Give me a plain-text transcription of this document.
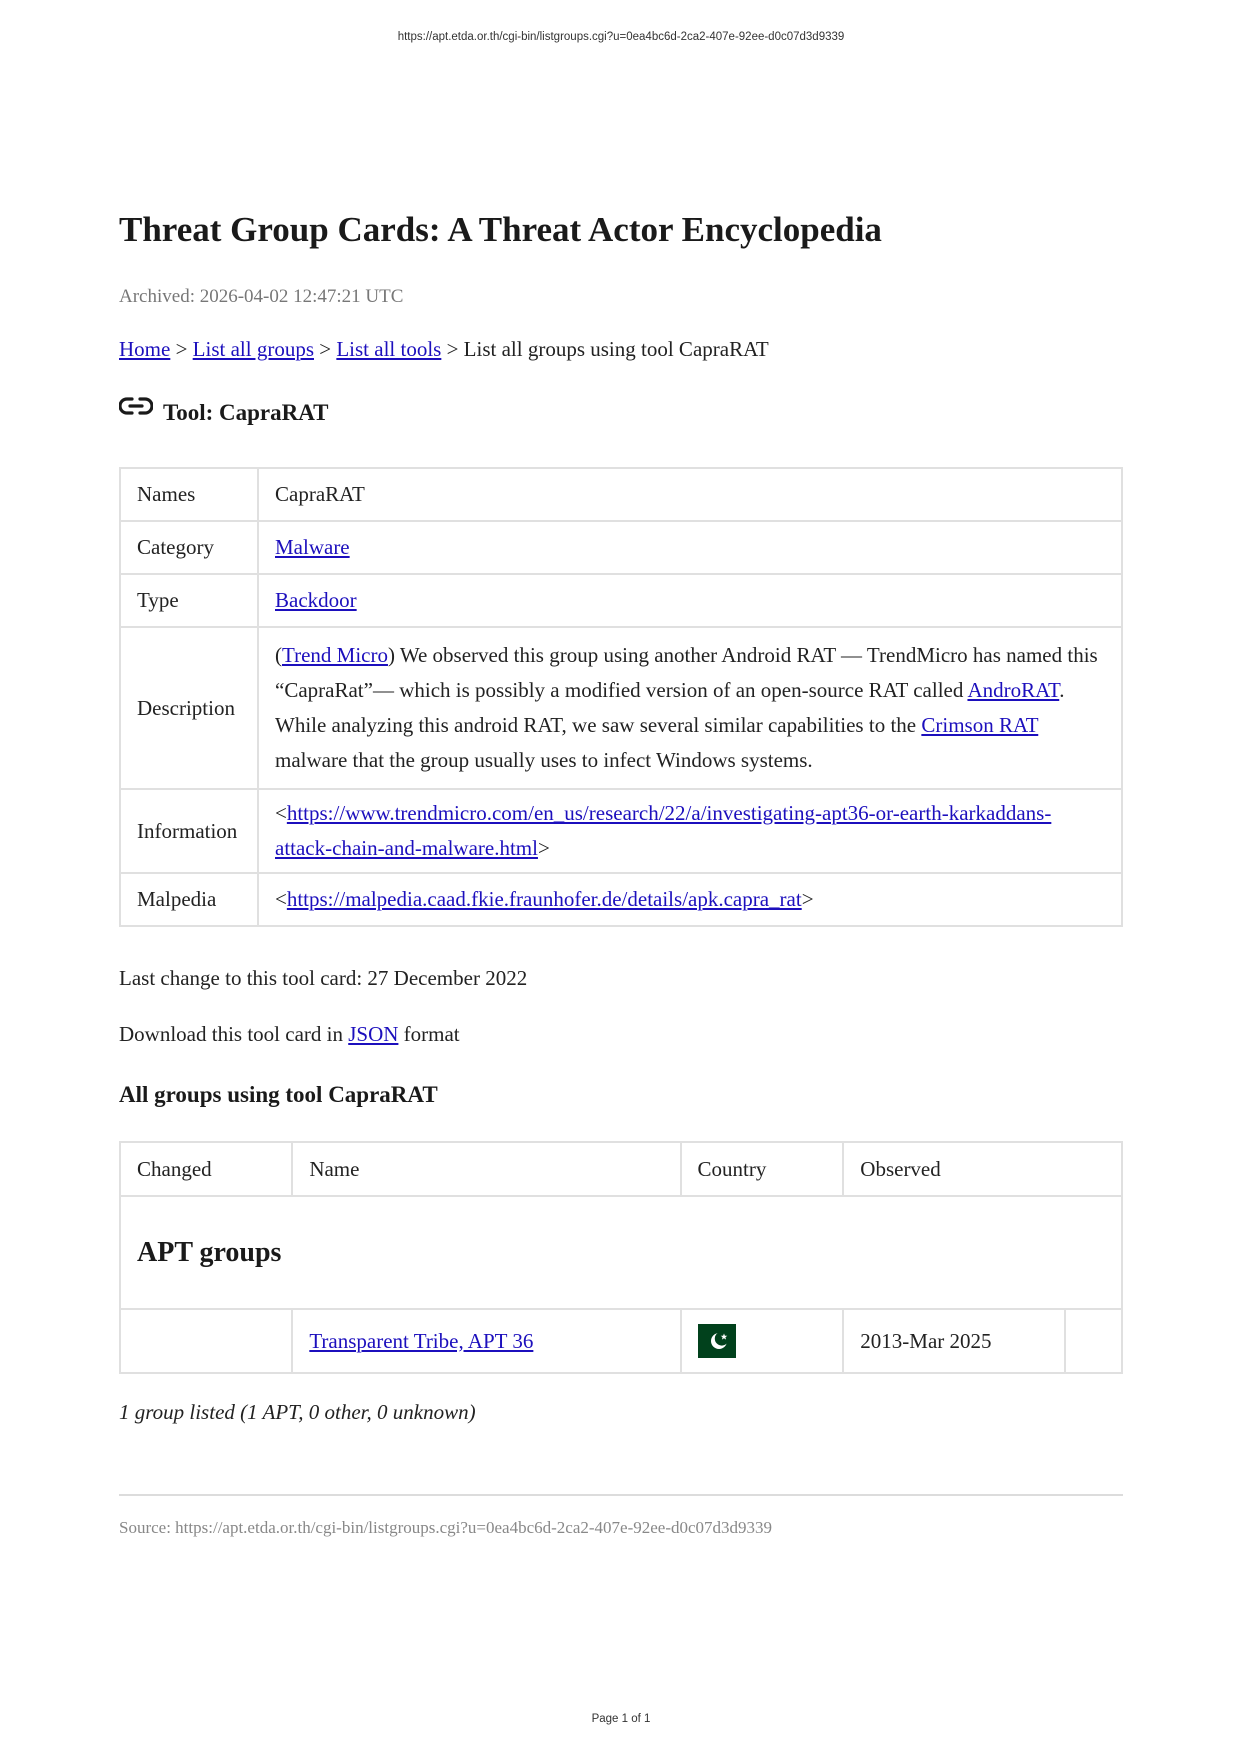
https://apt.etda.or.th/cgi-bin/listgroups.cgi?u=0ea4bc6d-2ca2-407e-92ee-d0c07d3d9339
Threat Group Cards: A Threat Actor Encyclopedia
Archived: 2026-04-02 12:47:21 UTC
Home > List all groups > List all tools > List all groups using tool CapraRAT
Tool: CapraRAT
Names	CapraRAT
Category	Malware
Type	Backdoor
Description	(Trend Micro) We observed this group using another Android RAT — TrendMicro has named this “CapraRat”— which is possibly a modified version of an open-source RAT called AndroRAT. While analyzing this android RAT, we saw several similar capabilities to the Crimson RAT malware that the group usually uses to infect Windows systems.
Information	<https://www.trendmicro.com/en_us/research/22/a/investigating-apt36-or-earth-karkaddans-attack-chain-and-malware.html>
Malpedia	<https://malpedia.caad.fkie.fraunhofer.de/details/apk.capra_rat>
Last change to this tool card: 27 December 2022
Download this tool card in JSON format
All groups using tool CapraRAT
Changed	Name	Country	Observed	
APT groups				
	Transparent Tribe, APT 36		2013-Mar 2025	
1 group listed (1 APT, 0 other, 0 unknown)
Source: https://apt.etda.or.th/cgi-bin/listgroups.cgi?u=0ea4bc6d-2ca2-407e-92ee-d0c07d3d9339
Page 1 of 1
